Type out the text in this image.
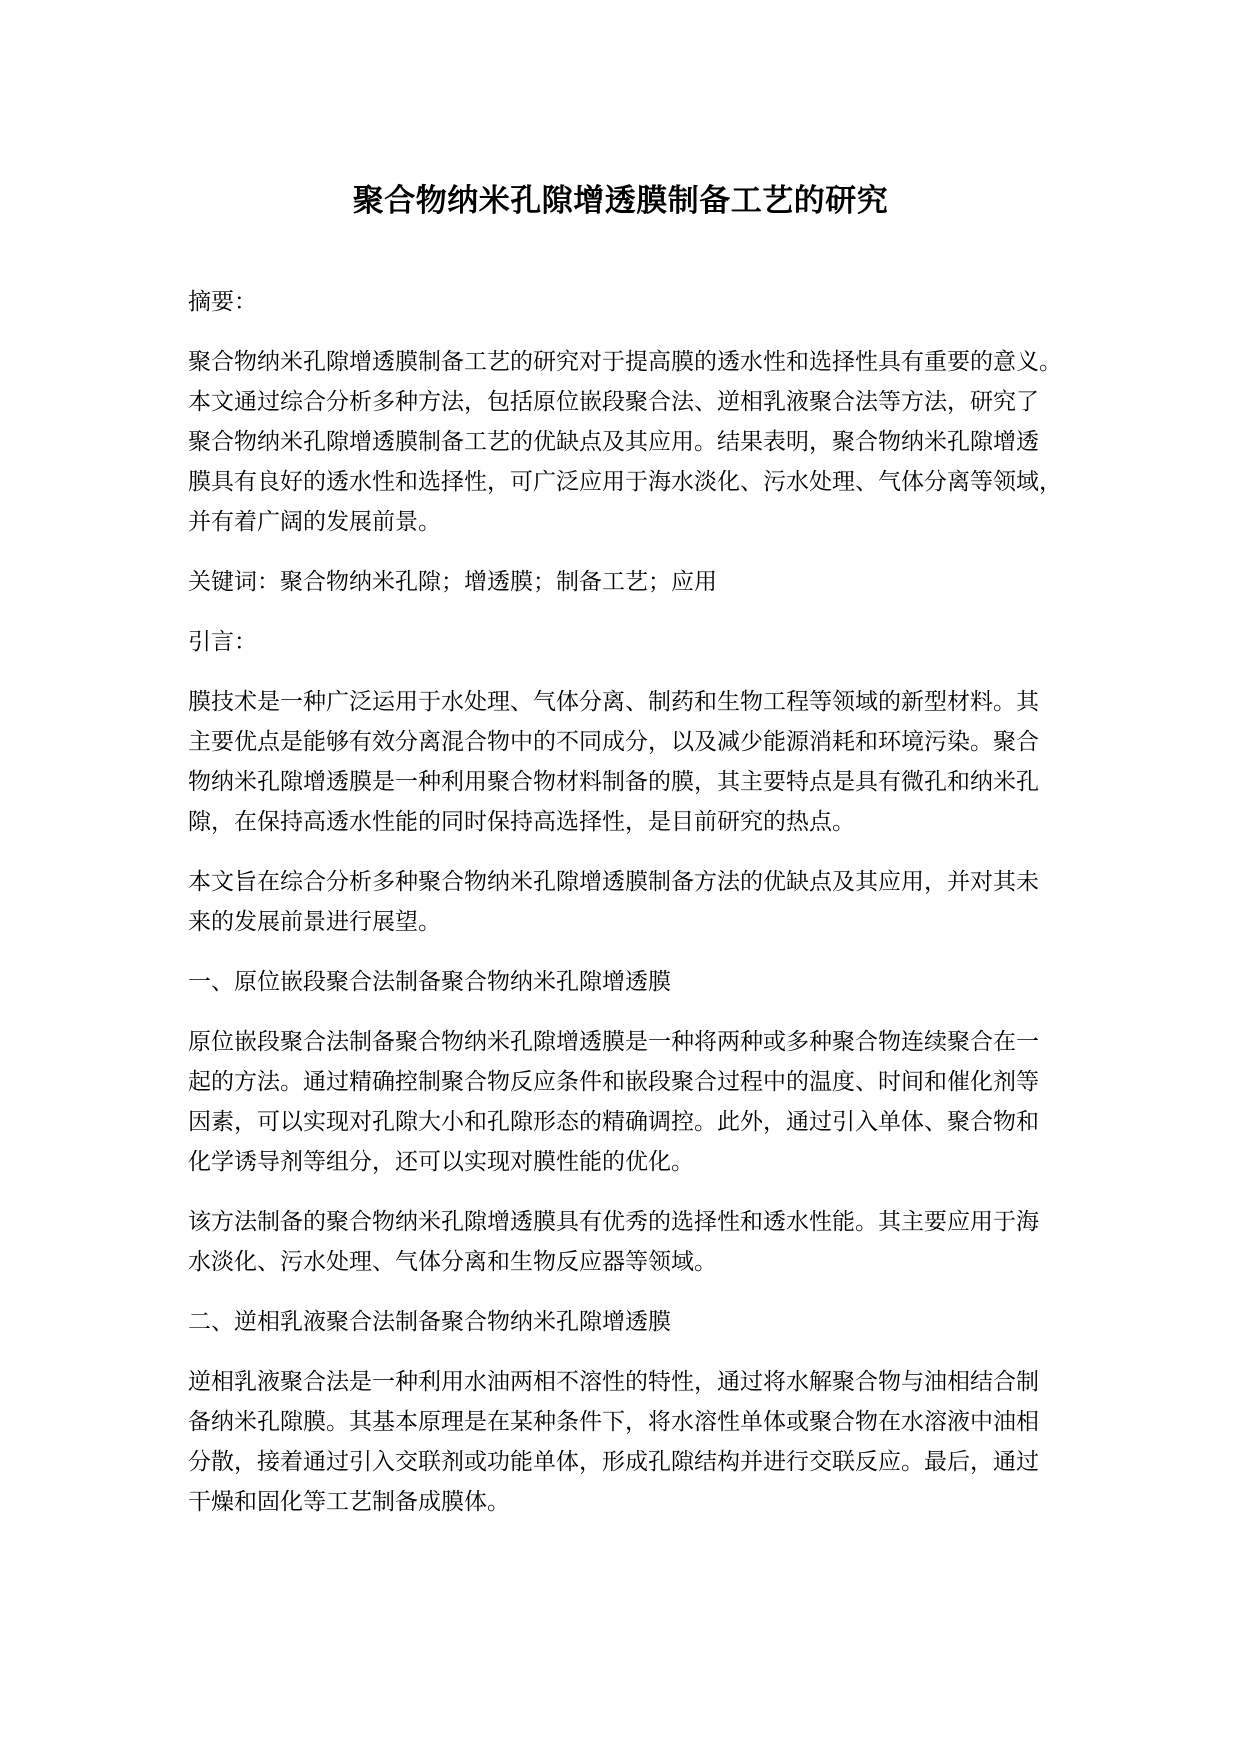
聚合物纳米孔隙增透膜制备工艺的研究
摘要：
聚合物纳米孔隙增透膜制备工艺的研究对于提高膜的透水性和选择性具有重要的意义。
本文通过综合分析多种方法，包括原位嵌段聚合法、逆相乳液聚合法等方法，研究了
聚合物纳米孔隙增透膜制备工艺的优缺点及其应用。结果表明，聚合物纳米孔隙增透
膜具有良好的透水性和选择性，可广泛应用于海水淡化、污水处理、气体分离等领域，
并有着广阔的发展前景。
关键词：聚合物纳米孔隙；增透膜；制备工艺；应用
引言：
膜技术是一种广泛运用于水处理、气体分离、制药和生物工程等领域的新型材料。其
主要优点是能够有效分离混合物中的不同成分，以及减少能源消耗和环境污染。聚合
物纳米孔隙增透膜是一种利用聚合物材料制备的膜，其主要特点是具有微孔和纳米孔
隙，在保持高透水性能的同时保持高选择性，是目前研究的热点。
本文旨在综合分析多种聚合物纳米孔隙增透膜制备方法的优缺点及其应用，并对其未
来的发展前景进行展望。
一、原位嵌段聚合法制备聚合物纳米孔隙增透膜
原位嵌段聚合法制备聚合物纳米孔隙增透膜是一种将两种或多种聚合物连续聚合在一
起的方法。通过精确控制聚合物反应条件和嵌段聚合过程中的温度、时间和催化剂等
因素，可以实现对孔隙大小和孔隙形态的精确调控。此外，通过引入单体、聚合物和
化学诱导剂等组分，还可以实现对膜性能的优化。
该方法制备的聚合物纳米孔隙增透膜具有优秀的选择性和透水性能。其主要应用于海
水淡化、污水处理、气体分离和生物反应器等领域。
二、逆相乳液聚合法制备聚合物纳米孔隙增透膜
逆相乳液聚合法是一种利用水油两相不溶性的特性，通过将水解聚合物与油相结合制
备纳米孔隙膜。其基本原理是在某种条件下，将水溶性单体或聚合物在水溶液中油相
分散，接着通过引入交联剂或功能单体，形成孔隙结构并进行交联反应。最后，通过
干燥和固化等工艺制备成膜体。
